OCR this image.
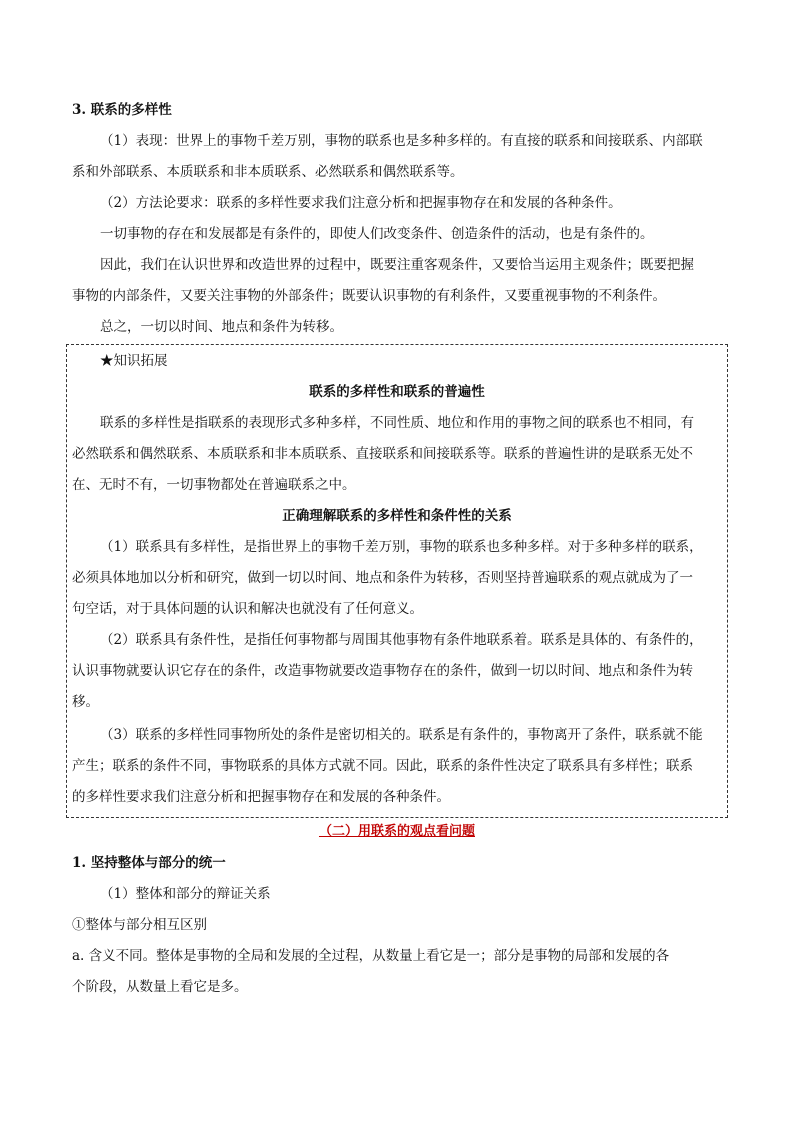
3. 联系的多样性
（1）表现：世界上的事物千差万别，事物的联系也是多种多样的。有直接的联系和间接联系、内部联
系和外部联系、本质联系和非本质联系、必然联系和偶然联系等。
（2）方法论要求：联系的多样性要求我们注意分析和把握事物存在和发展的各种条件。
一切事物的存在和发展都是有条件的，即使人们改变条件、创造条件的活动，也是有条件的。
因此，我们在认识世界和改造世界的过程中，既要注重客观条件，又要恰当运用主观条件；既要把握
事物的内部条件，又要关注事物的外部条件；既要认识事物的有利条件，又要重视事物的不利条件。
总之，一切以时间、地点和条件为转移。
★知识拓展
联系的多样性和联系的普遍性
联系的多样性是指联系的表现形式多种多样，不同性质、地位和作用的事物之间的联系也不相同，有
必然联系和偶然联系、本质联系和非本质联系、直接联系和间接联系等。联系的普遍性讲的是联系无处不
在、无时不有，一切事物都处在普遍联系之中。
正确理解联系的多样性和条件性的关系
（1）联系具有多样性，是指世界上的事物千差万别，事物的联系也多种多样。对于多种多样的联系，
必须具体地加以分析和研究，做到一切以时间、地点和条件为转移，否则坚持普遍联系的观点就成为了一
句空话，对于具体问题的认识和解决也就没有了任何意义。
（2）联系具有条件性，是指任何事物都与周围其他事物有条件地联系着。联系是具体的、有条件的，
认识事物就要认识它存在的条件，改造事物就要改造事物存在的条件，做到一切以时间、地点和条件为转
移。
（3）联系的多样性同事物所处的条件是密切相关的。联系是有条件的，事物离开了条件，联系就不能
产生；联系的条件不同，事物联系的具体方式就不同。因此，联系的条件性决定了联系具有多样性；联系
的多样性要求我们注意分析和把握事物存在和发展的各种条件。
（二）用联系的观点看问题
1. 坚持整体与部分的统一
（1）整体和部分的辩证关系
①整体与部分相互区别
a. 含义不同。整体是事物的全局和发展的全过程，从数量上看它是一；部分是事物的局部和发展的各
个阶段，从数量上看它是多。
